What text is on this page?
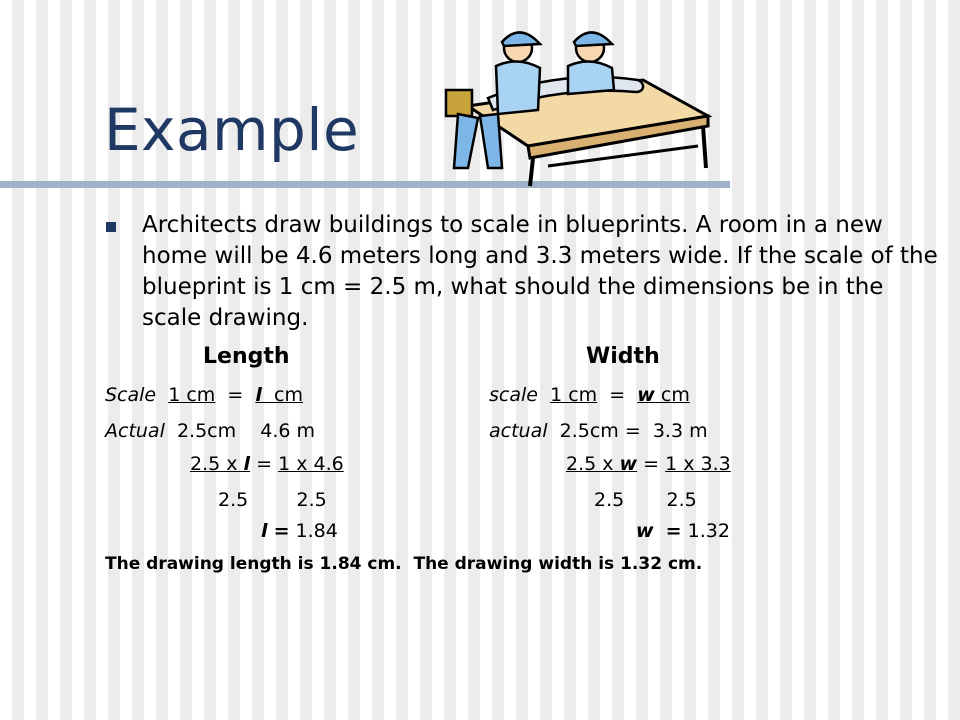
Example

Architects draw buildings to scale in blueprints. A room in a new home will be 4.6 meters long and 3.3 meters wide. If the scale of the blueprint is 1 cm = 2.5 m, what should the dimensions be in the scale drawing.

Length	Width
Scale 1 cm = l cm
Actual 2.5cm 4.6 m
2.5 x l = 1 x 4.6
2.5	2.5
l = 1.84
scale 1 cm = w cm
actual 2.5cm =  3.3 m
2.5 x w = 1 x 3.3
2.5 2.5
w = 1.32
The drawing length is 1.84 cm.  The drawing width is 1.32 cm.
